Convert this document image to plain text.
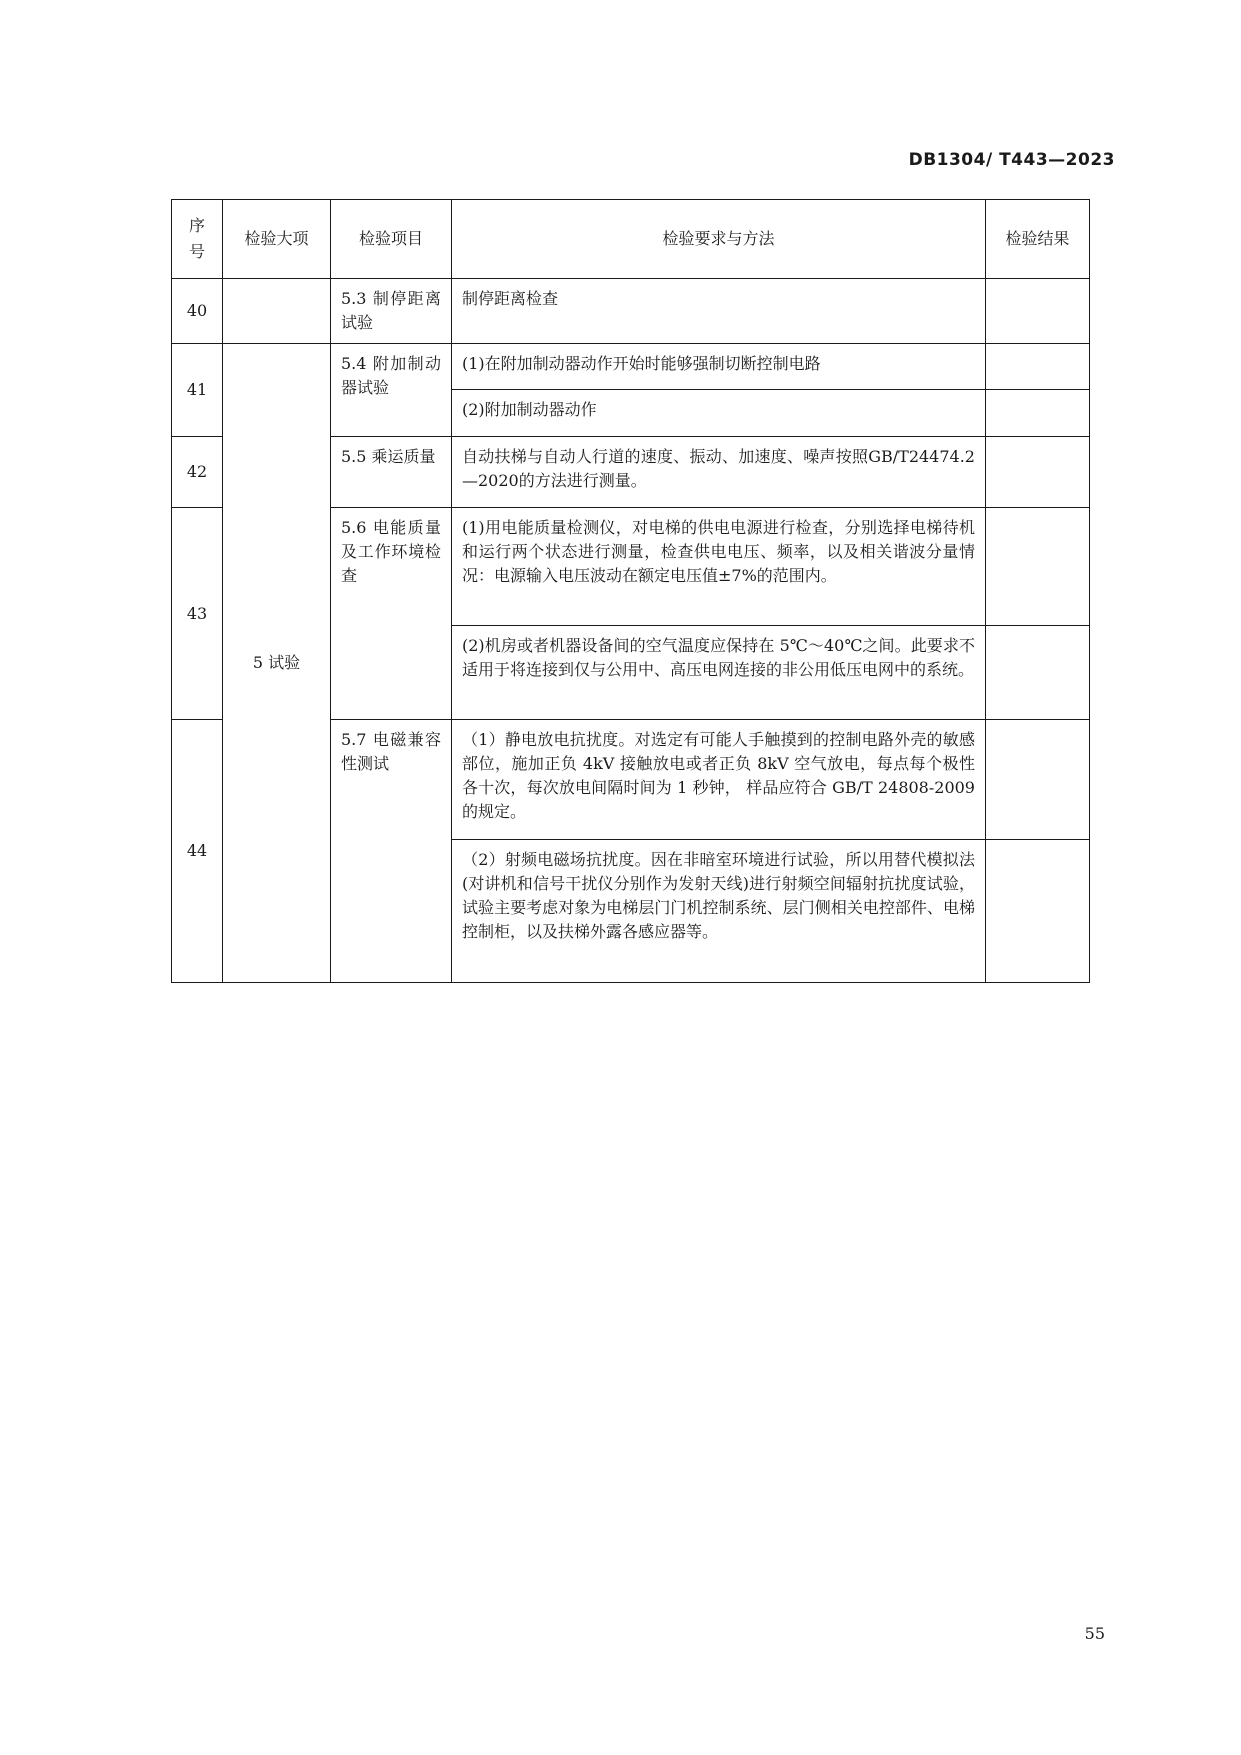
DB1304/ T443—2023
序号	检验大项	检验项目	检验要求与方法	检验结果
40		5.3 制停距离试验	制停距离检查	
41	5 试验	5.4 附加制动器试验	(1)在附加制动器动作开始时能够强制切断控制电路	
			(2)附加制动器动作	
42		5.5 乘运质量	自动扶梯与自动人行道的速度、振动、加速度、噪声按照GB/T24474.2—2020的方法进行测量。	
43		5.6 电能质量及工作环境检查	(1)用电能质量检测仪，对电梯的供电电源进行检查，分别选择电梯待机和运行两个状态进行测量，检查供电电压、频率，以及相关谐波分量情况：电源输入电压波动在额定电压值±7%的范围内。	
			(2)机房或者机器设备间的空气温度应保持在 5℃～40℃之间。此要求不适用于将连接到仅与公用中、高压电网连接的非公用低压电网中的系统。	
44		5.7 电磁兼容性测试	（1）静电放电抗扰度。对选定有可能人手触摸到的控制电路外壳的敏感部位，施加正负 4kV 接触放电或者正负 8kV 空气放电，每点每个极性各十次，每次放电间隔时间为 1 秒钟， 样品应符合 GB/T 24808-2009 的规定。	
			（2）射频电磁场抗扰度。因在非暗室环境进行试验，所以用替代模拟法(对讲机和信号干扰仪分别作为发射天线)进行射频空间辐射抗扰度试验，试验主要考虑对象为电梯层门门机控制系统、层门侧相关电控部件、电梯控制柜，以及扶梯外露各感应器等。	
55
